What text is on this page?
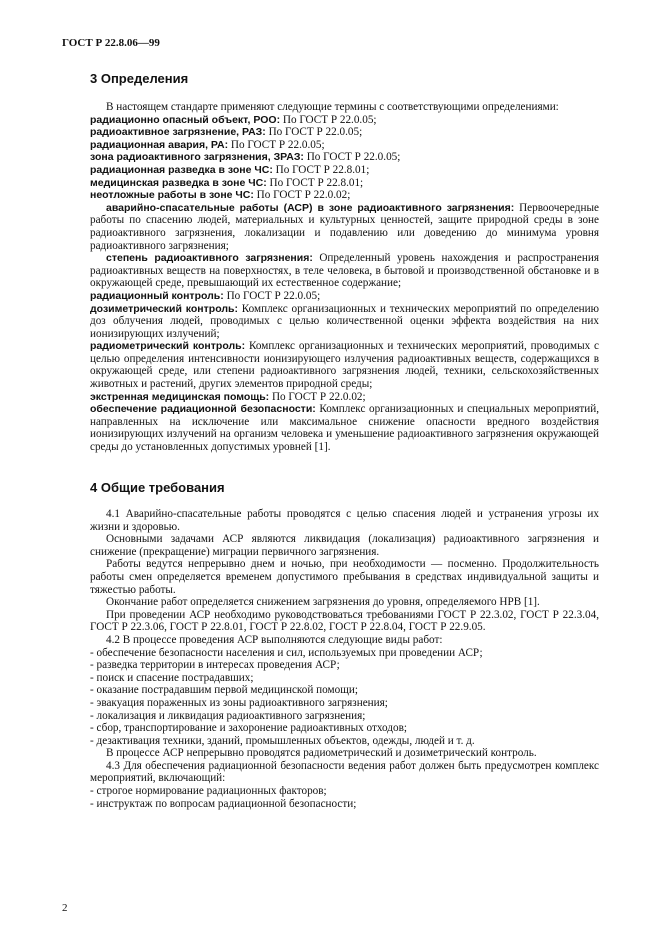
ГОСТ Р 22.8.06—99
3 Определения

В настоящем стандарте применяют следующие термины с соответствующими определениями:

радиационно опасный объект, РОО: По ГОСТ Р 22.0.05;

радиоактивное загрязнение, РАЗ: По ГОСТ Р 22.0.05;

радиационная авария, РА: По ГОСТ Р 22.0.05;

зона радиоактивного загрязнения, ЗРАЗ: По ГОСТ Р 22.0.05;

радиационная разведка в зоне ЧС: По ГОСТ Р 22.8.01;

медицинская разведка в зоне ЧС: По ГОСТ Р 22.8.01;

неотложные работы в зоне ЧС: По ГОСТ Р 22.0.02;

аварийно-спасательные работы (АСР) в зоне радиоактивного загрязнения: Первоочередные работы по спасению людей, материальных и культурных ценностей, защите природной среды в зоне радиоактивного загрязнения, локализации и подавлению или доведению до минимума уровня радиоактивного загрязнения;

степень радиоактивного загрязнения: Определенный уровень нахождения и распространения радиоактивных веществ на поверхностях, в теле человека, в бытовой и производственной обстановке и в окружающей среде, превышающий их естественное содержание;

радиационный контроль: По ГОСТ Р 22.0.05;

дозиметрический контроль: Комплекс организационных и технических мероприятий по определению доз облучения людей, проводимых с целью количественной оценки эффекта воздействия на них ионизирующих излучений;

радиометрический контроль: Комплекс организационных и технических мероприятий, проводимых с целью определения интенсивности ионизирующего излучения радиоактивных веществ, содержащихся в окружающей среде, или степени радиоактивного загрязнения людей, техники, сельскохозяйственных животных и растений, других элементов природной среды;

экстренная медицинская помощь: По ГОСТ Р 22.0.02;

обеспечение радиационной безопасности: Комплекс организационных и специальных мероприятий, направленных на исключение или максимальное снижение опасности вредного воздействия ионизирующих излучений на организм человека и уменьшение радиоактивного загрязнения окружающей среды до установленных допустимых уровней [1].

4 Общие требования

4.1 Аварийно-спасательные работы проводятся с целью спасения людей и устранения угрозы их жизни и здоровью.

Основными задачами АСР являются ликвидация (локализация) радиоактивного загрязнения и снижение (прекращение) миграции первичного загрязнения.

Работы ведутся непрерывно днем и ночью, при необходимости — посменно. Продолжительность работы смен определяется временем допустимого пребывания в средствах индивидуальной защиты и тяжестью работы.

Окончание работ определяется снижением загрязнения до уровня, определяемого НРВ [1].

При проведении АСР необходимо руководствоваться требованиями ГОСТ Р 22.3.02, ГОСТ Р 22.3.04, ГОСТ Р 22.3.06, ГОСТ Р 22.8.01, ГОСТ Р 22.8.02, ГОСТ Р 22.8.04, ГОСТ Р 22.9.05.

4.2 В процессе проведения АСР выполняются следующие виды работ:

- обеспечение безопасности населения и сил, используемых при проведении АСР;

- разведка территории в интересах проведения АСР;

- поиск и спасение пострадавших;

- оказание пострадавшим первой медицинской помощи;

- эвакуация пораженных из зоны радиоактивного загрязнения;

- локализация и ликвидация радиоактивного загрязнения;

- сбор, транспортирование и захоронение радиоактивных отходов;

- дезактивация техники, зданий, промышленных объектов, одежды, людей и т. д.

В процессе АСР непрерывно проводятся радиометрический и дозиметрический контроль.

4.3 Для обеспечения радиационной безопасности ведения работ должен быть предусмотрен комплекс мероприятий, включающий:

- строгое нормирование радиационных факторов;

- инструктаж по вопросам радиационной безопасности;

2
